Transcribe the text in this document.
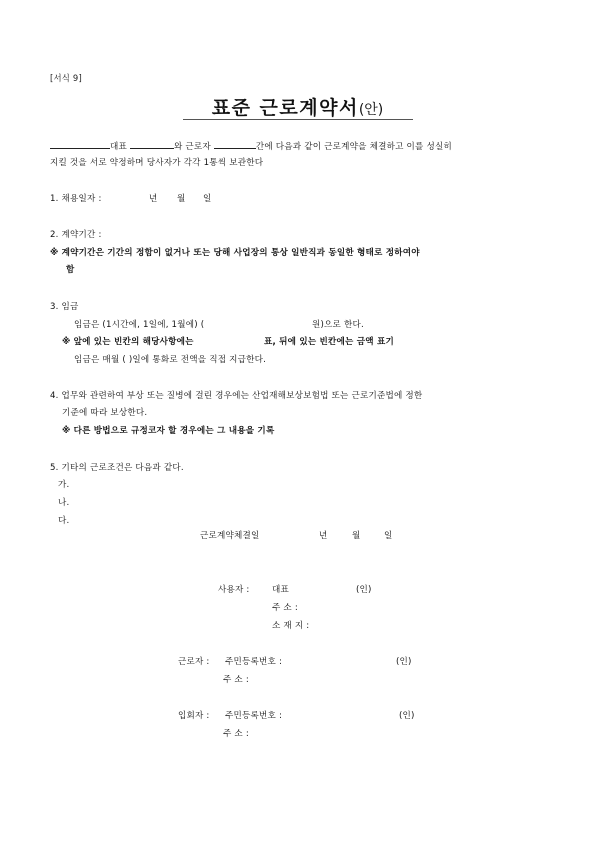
[서식 9]
표준 근로계약서(안)
대표	와 근로자	간에 다음과 같이 근로계약을 체결하고 이를 성실히
지킬 것을 서로 약정하며 당사자가 각각 1통씩 보관한다
1. 채용일자 :	년 월 일
2. 계약기간 :
※ 계약기간은 기간의 정함이 없거나 또는 당해 사업장의 통상 일반직과 동일한 형태로 정하여야
함
3. 임금
임금은 (1시간에, 1일에, 1월에) (	원)으로 한다.
※ 앞에 있는 빈칸의 해당사항에는	표, 뒤에 있는 빈칸에는 금액 표기
임금은 매월 ( )일에 통화로 전액을 직접 지급한다.
4. 업무와 관련하여 부상 또는 질병에 걸린 경우에는 산업재해보상보험법 또는 근로기준법에 정한
기준에 따라 보상한다.
※ 다른 방법으로 규정코자 할 경우에는 그 내용을 기록
5. 기타의 근로조건은 다음과 같다.
가.
나.
다.
근로계약체결일	년	월	일
사용자 :	대표	(인)
주 소 :
소 재 지 :
근로자 : 주민등록번호 :	(인)
주 소 :
입회자 : 주민등록번호 :	(인)
주 소 :
